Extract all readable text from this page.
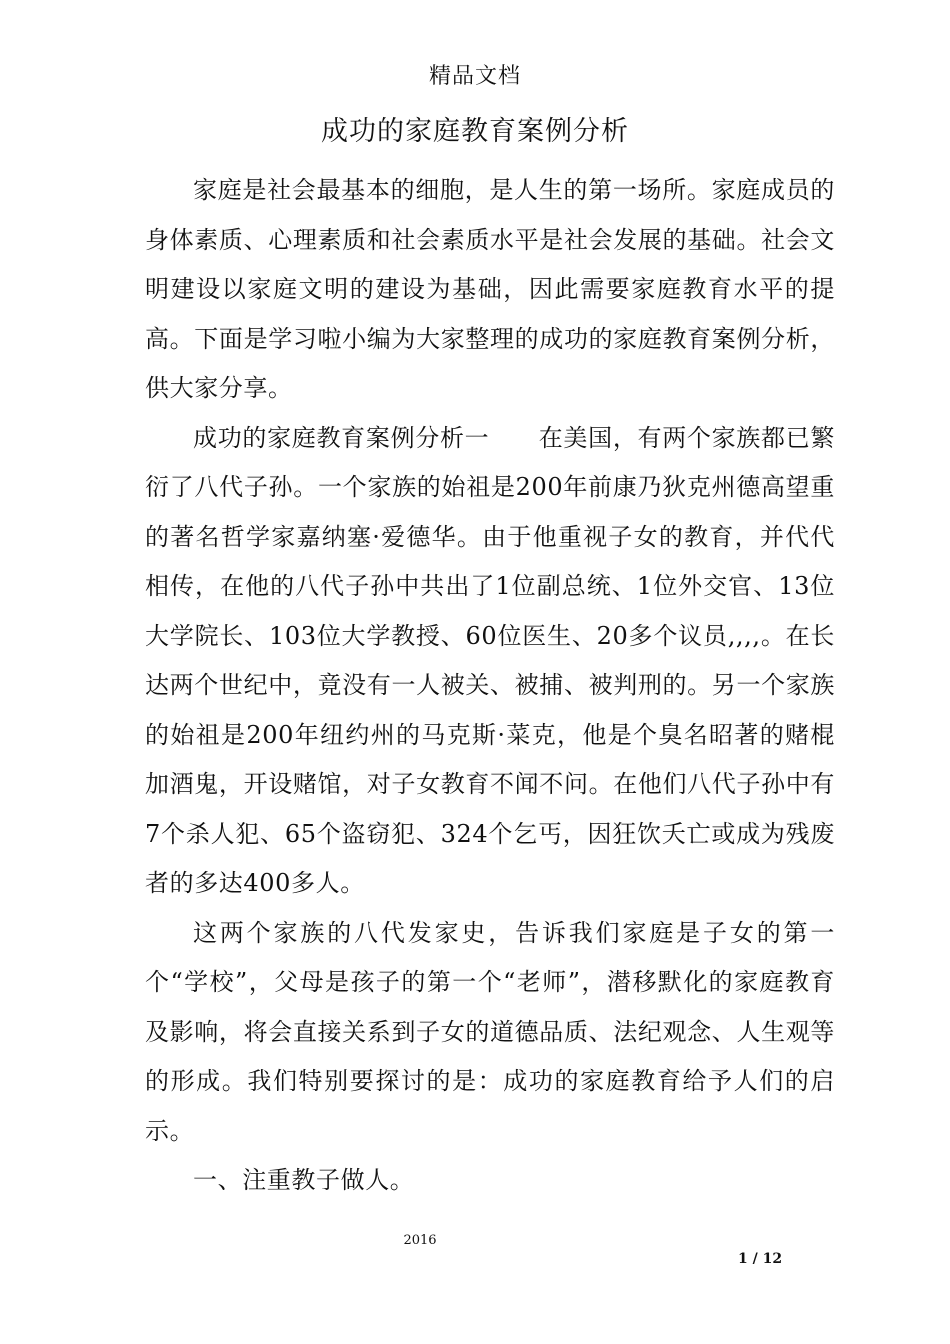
精品文档
成功的家庭教育案例分析

家庭是社会最基本的细胞，是人生的第一场所。家庭成员的身体素质、心理素质和社会素质水平是社会发展的基础。社会文明建设以家庭文明的建设为基础，因此需要家庭教育水平的提高。下面是学习啦小编为大家整理的成功的家庭教育案例分析，供大家分享。

成功的家庭教育案例分析一　　在美国，有两个家族都已繁衍了八代子孙。一个家族的始祖是200年前康乃狄克州德高望重的著名哲学家嘉纳塞·爱德华。由于他重视子女的教育，并代代相传，在他的八代子孙中共出了1位副总统、1位外交官、13位大学院长、103位大学教授、60位医生、20多个议员,,,,。在长达两个世纪中，竟没有一人被关、被捕、被判刑的。另一个家族的始祖是200年纽约州的马克斯·菜克，他是个臭名昭著的赌棍加酒鬼，开设赌馆，对子女教育不闻不问。在他们八代子孙中有7个杀人犯、65个盗窃犯、324个乞丐，因狂饮夭亡或成为残废者的多达400多人。

这两个家族的八代发家史，告诉我们家庭是子女的第一个“学校”，父母是孩子的第一个“老师”，潜移默化的家庭教育及影响，将会直接关系到子女的道德品质、法纪观念、人生观等的形成。我们特别要探讨的是：成功的家庭教育给予人们的启示。

一、注重教子做人。

2016
1 / 12
